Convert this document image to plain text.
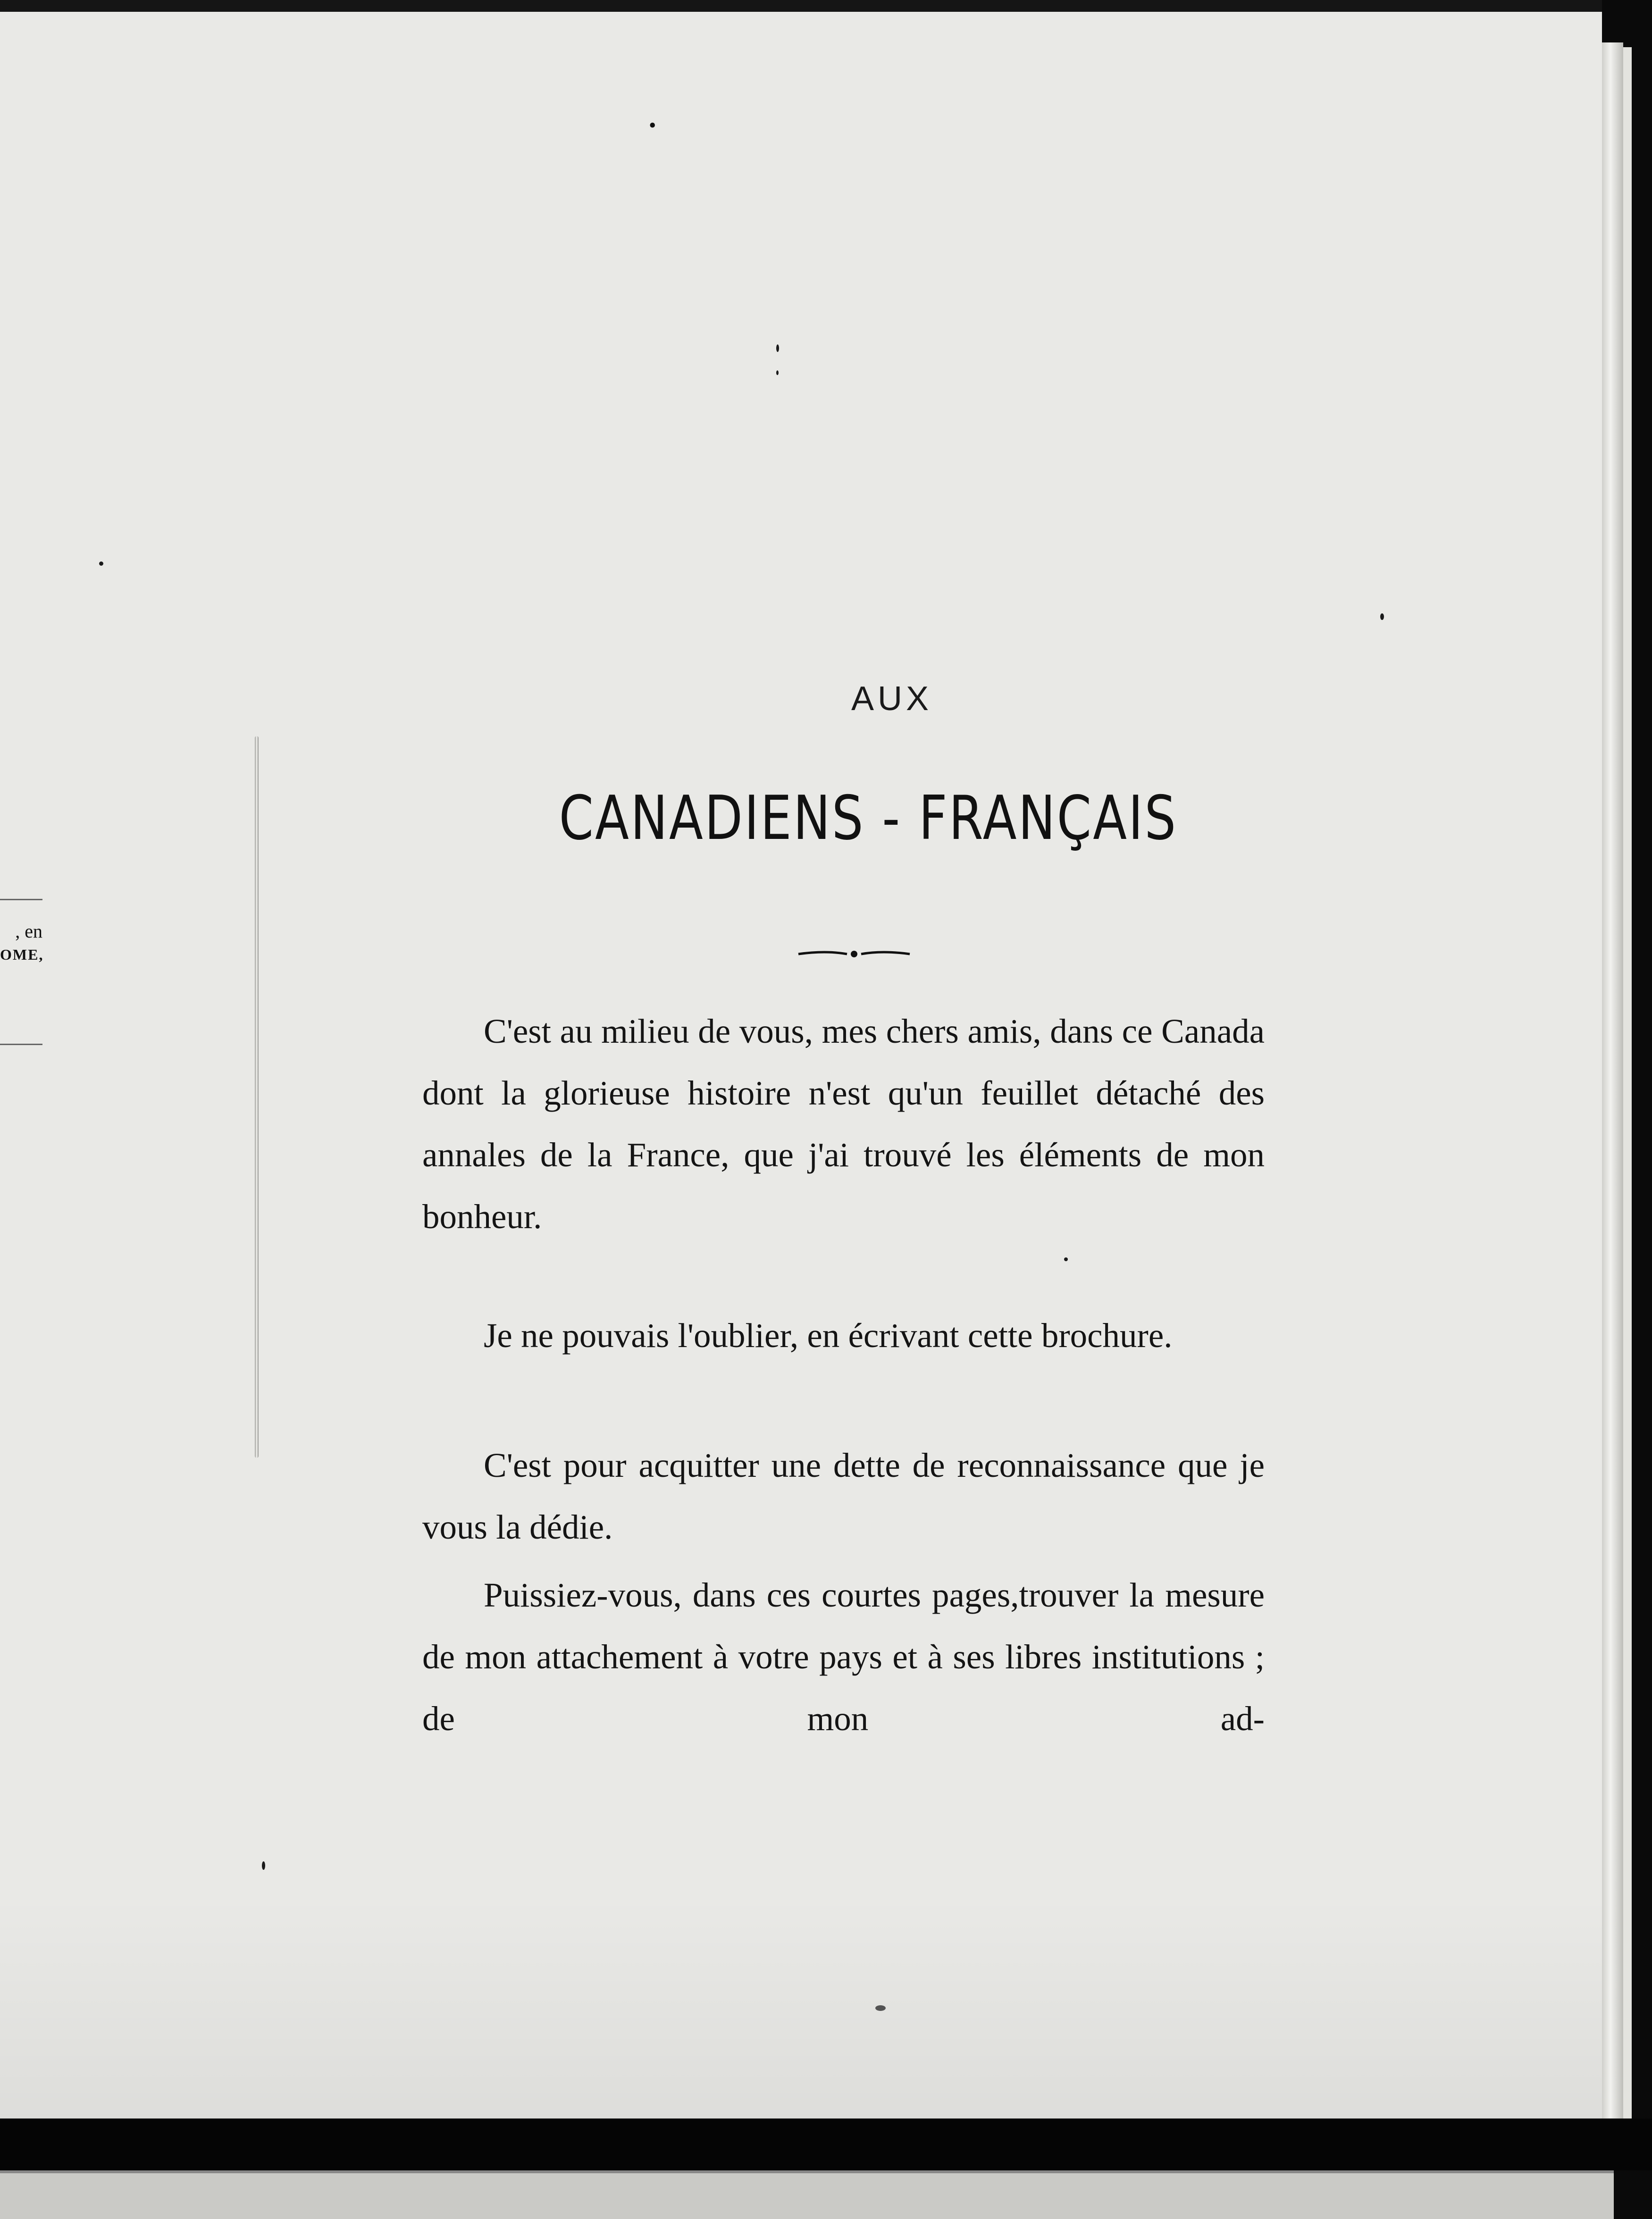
, en
OME,
•
AUX
CANADIENS - FRANÇAIS

C'est au milieu de vous, mes chers amis, dans ce Canada dont la glorieuse histoire n'est qu'un feuillet détaché des annales de la France, que j'ai trouvé les éléments de mon bonheur.

Je ne pouvais l'oublier, en écrivant cette brochure.

C'est pour acquitter une dette de reconnaissance que je vous la dédie.

Puissiez-vous, dans ces courtes pages,trouver la mesure de mon attachement à votre pays et à ses libres institutions ; de mon ad-
